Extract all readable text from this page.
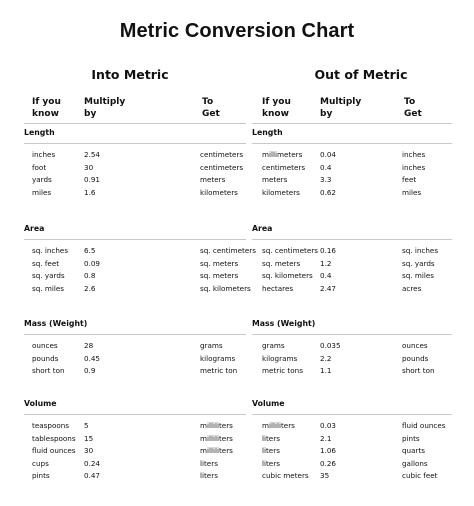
Metric Conversion Chart
Into Metric
If you
know
Multiply
by
To
Get
Length
inches	2.54	centimeters
foot	30	centimeters
yards	0.91	meters
miles	1.6	kilometers
Area
sq. inches 6.5	sq. centimeters
sq. feet	0.09	sq. meters
sq. yards	0.8	sq. meters
sq. miles	2.6	sq. kilometers
Mass (Weight)
ounces	28	grams
pounds	0.45	kilograms
short ton	0.9	metric ton
Volume
teaspoons 5	milliliters
tablespoons 15	milliliters
fluid ounces 30	milliliters
cups	0.24	liters
pints	0.47	liters
Out of Metric
If you
know
Multiply
by
To
Get
Length
millimeters 0.04	inches
centimeters 0.4	inches
meters	3.3	feet
kilometers	0.62	miles
Area
sq. centimeters 0.16	sq. inches
sq. meters	1.2	sq. yards
sq. kilometers 0.4	sq. miles
hectares	2.47	acres
Mass (Weight)
grams	0.035	ounces
kilograms	2.2	pounds
metric tons 1.1	short ton
Volume
milliliters	0.03	fluid ounces
liters	2.1	pints
liters	1.06	quarts
liters	0.26	gallons
cubic meters 35	cubic feet
